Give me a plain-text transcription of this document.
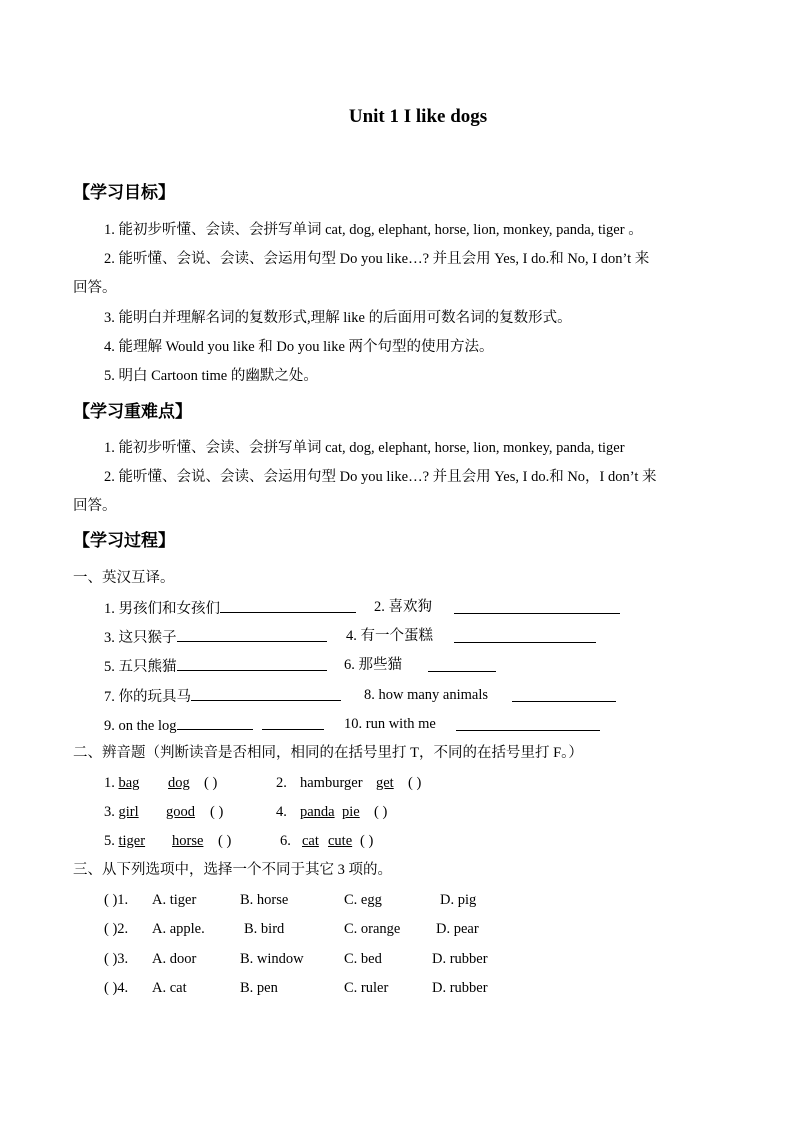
Unit 1 I like dogs
【学习目标】
1. 能初步听懂、会读、会拼写单词 cat, dog, elephant, horse, lion, monkey, panda, tiger 。
2. 能听懂、会说、会读、会运用句型 Do you like…? 并且会用 Yes, I do.和 No, I don’t 来
回答。
3. 能明白并理解名词的复数形式,理解 like 的后面用可数名词的复数形式。
4. 能理解 Would you like 和 Do you like 两个句型的使用方法。
5. 明白 Cartoon time 的幽默之处。
【学习重难点】
1. 能初步听懂、会读、会拼写单词 cat, dog, elephant, horse, lion, monkey, panda, tiger
2. 能听懂、会说、会读、会运用句型 Do you like…? 并且会用 Yes, I do.和 No，I don’t 来
回答。
【学习过程】
一、英汉互译。
1. 男孩们和女孩们	2. 喜欢狗
3. 这只猴子	4. 有一个蛋糕
5. 五只熊猫	6. 那些猫
7. 你的玩具马	8. how many animals
9. on the log	10. run with me
二、辨音题（判断读音是否相同，相同的在括号里打 T，不同的在括号里打 F。）
1. bag dog ( )	2. hamburger get ( )
3. girl good ( )	4. panda pie ( )
5. tiger horse ( )	6. cat cute ( )
三、从下列选项中，选择一个不同于其它 3 项的。
( )1. A. tiger	B. horse	C. egg	D. pig
( )2. A. apple.	B. bird	C. orange D. pear
( )3. A. door	B. window	C. bed	D. rubber
( )4. A. cat	B. pen	C. ruler	D. rubber
